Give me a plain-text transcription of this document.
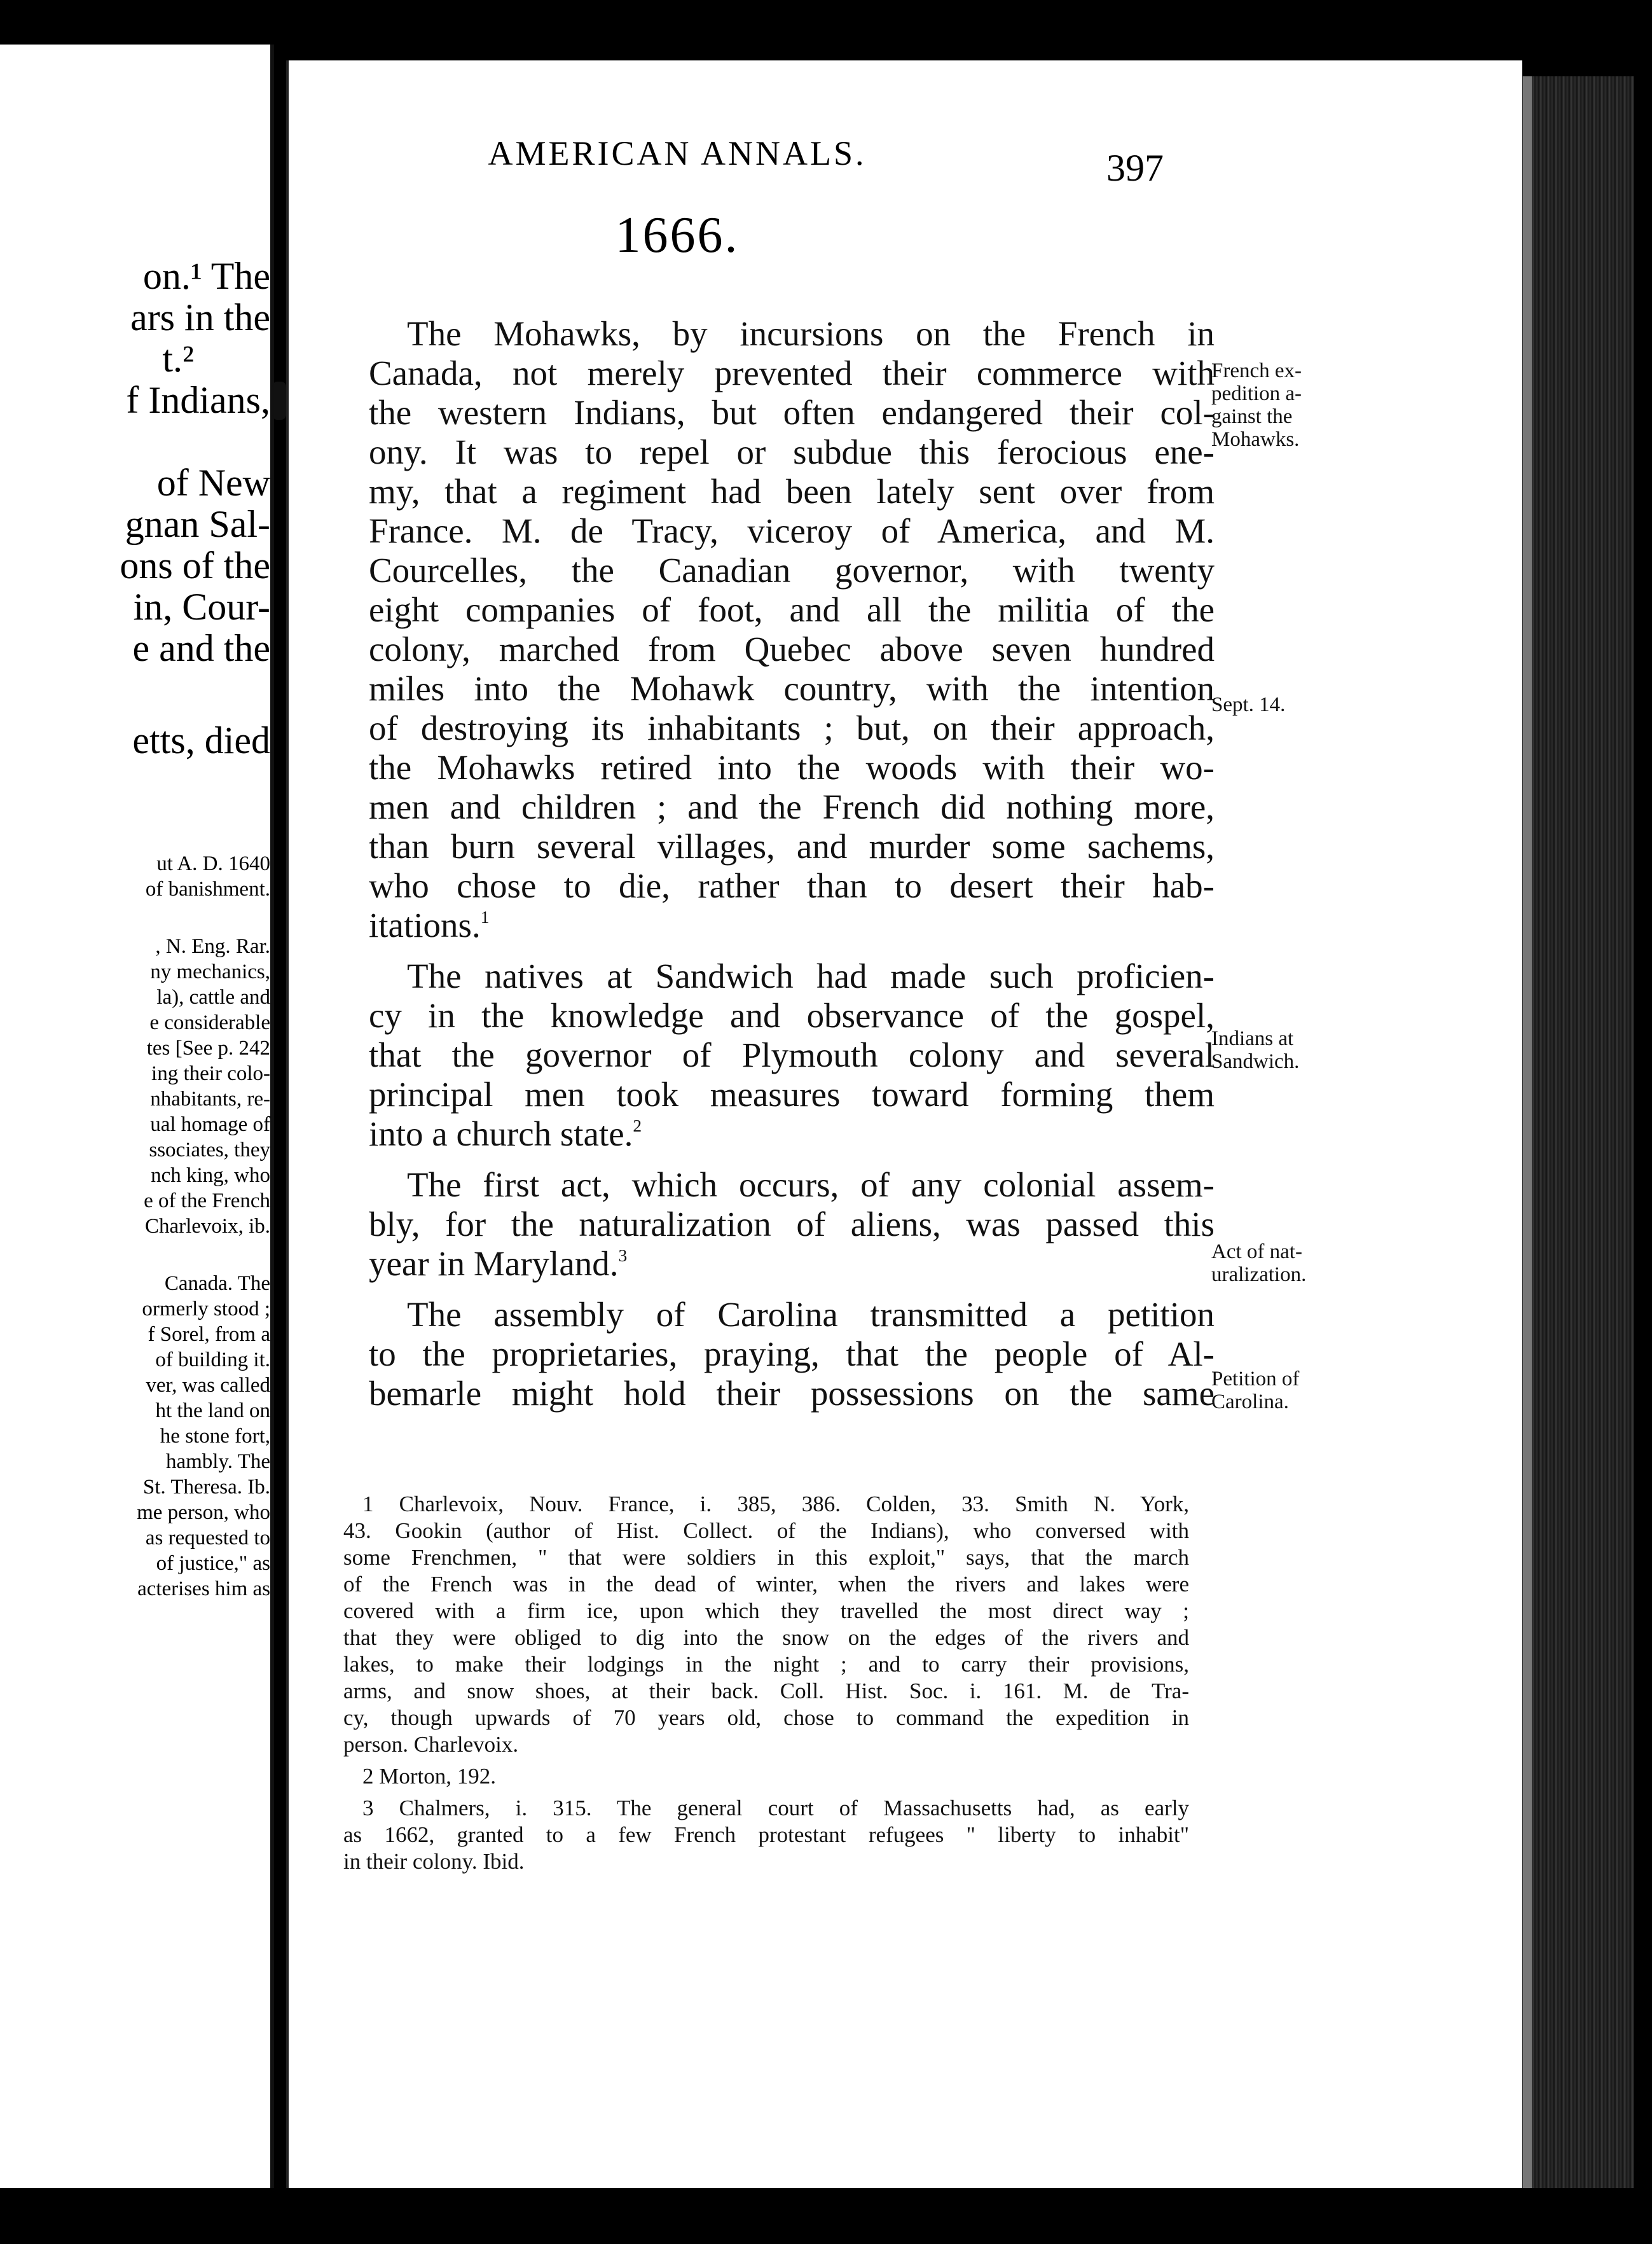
on.¹ The
ars in the
t.²
f Indians,
of New
gnan Sal-
ons of the
in, Cour-
e and the
etts, died
ut A. D. 1640
of banishment.
, N. Eng. Rar.
ny mechanics,
la), cattle and
e considerable
tes [See p. 242
ing their colo-
nhabitants, re-
ual homage of
ssociates, they
nch king, who
e of the French
Charlevoix, ib.
Canada. The
ormerly stood ;
f Sorel, from a
of building it.
ver, was called
ht the land on
he stone fort,
hambly. The
St. Theresa. Ib.
me person, who
as requested to
of justice," as
acterises him as
AMERICAN ANNALS.	397
1666.
The Mohawks, by incursions on the French in
Canada, not merely prevented their commerce with
the western Indians, but often endangered their col-
ony. It was to repel or subdue this ferocious ene-
my, that a regiment had been lately sent over from
France. M. de Tracy, viceroy of America, and M.
Courcelles, the Canadian governor, with twenty
eight companies of foot, and all the militia of the
colony, marched from Quebec above seven hundred
miles into the Mohawk country, with the intention
of destroying its inhabitants ; but, on their approach,
the Mohawks retired into the woods with their wo-
men and children ; and the French did nothing more,
than burn several villages, and murder some sachems,
who chose to die, rather than to desert their hab-
itations.$^1$
The natives at Sandwich had made such proficien-
cy in the knowledge and observance of the gospel,
that the governor of Plymouth colony and several
principal men took measures toward forming them
into a church state.$^2$
The first act, which occurs, of any colonial assem-
bly, for the naturalization of aliens, was passed this
year in Maryland.$^3$
The assembly of Carolina transmitted a petition
to the proprietaries, praying, that the people of Al-
bemarle might hold their possessions on the same
French ex-
pedition a-
gainst the
Mohawks.
Sept. 14.
Indians at
Sandwich.
Act of nat-
uralization.
Petition of
Carolina.
1 Charlevoix, Nouv. France, i. 385, 386. Colden, 33. Smith N. York,
43. Gookin (author of Hist. Collect. of the Indians), who conversed with
some Frenchmen, " that were soldiers in this exploit," says, that the march
of the French was in the dead of winter, when the rivers and lakes were
covered with a firm ice, upon which they travelled the most direct way ;
that they were obliged to dig into the snow on the edges of the rivers and
lakes, to make their lodgings in the night ; and to carry their provisions,
arms, and snow shoes, at their back. Coll. Hist. Soc. i. 161. M. de Tra-
cy, though upwards of 70 years old, chose to command the expedition in
person. Charlevoix.
2 Morton, 192.
3 Chalmers, i. 315. The general court of Massachusetts had, as early
as 1662, granted to a few French protestant refugees " liberty to inhabit"
in their colony. Ibid.
